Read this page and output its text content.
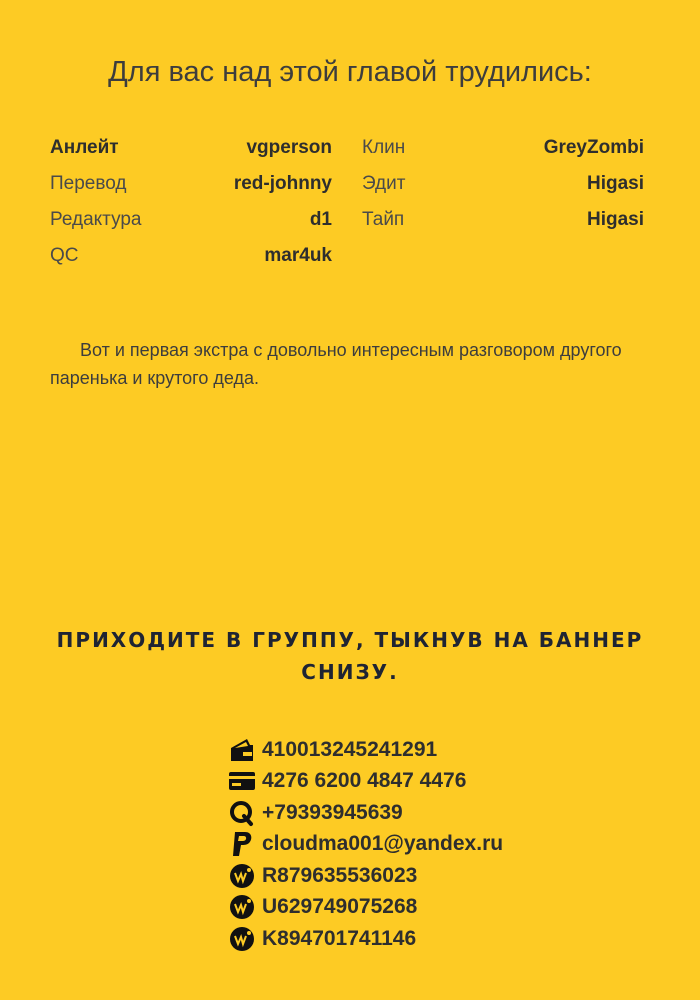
Для вас над этой главой трудились:
Анлейт	vgperson
Перевод	red-johnny
Редактура	d1
QC	mar4uk
Клин	GreyZombi
Эдит	Higasi
Тайп	Higasi
Вот и первая экстра с довольно интересным разговором другого паренька и крутого деда.
ПРИХОДИТЕ В ГРУППУ, ТЫКНУВ НА БАННЕР
СНИЗУ.
410013245241291
4276 6200 4847 4476
+79393945639
cloudma001@yandex.ru
R879635536023
U629749075268
K894701741146
